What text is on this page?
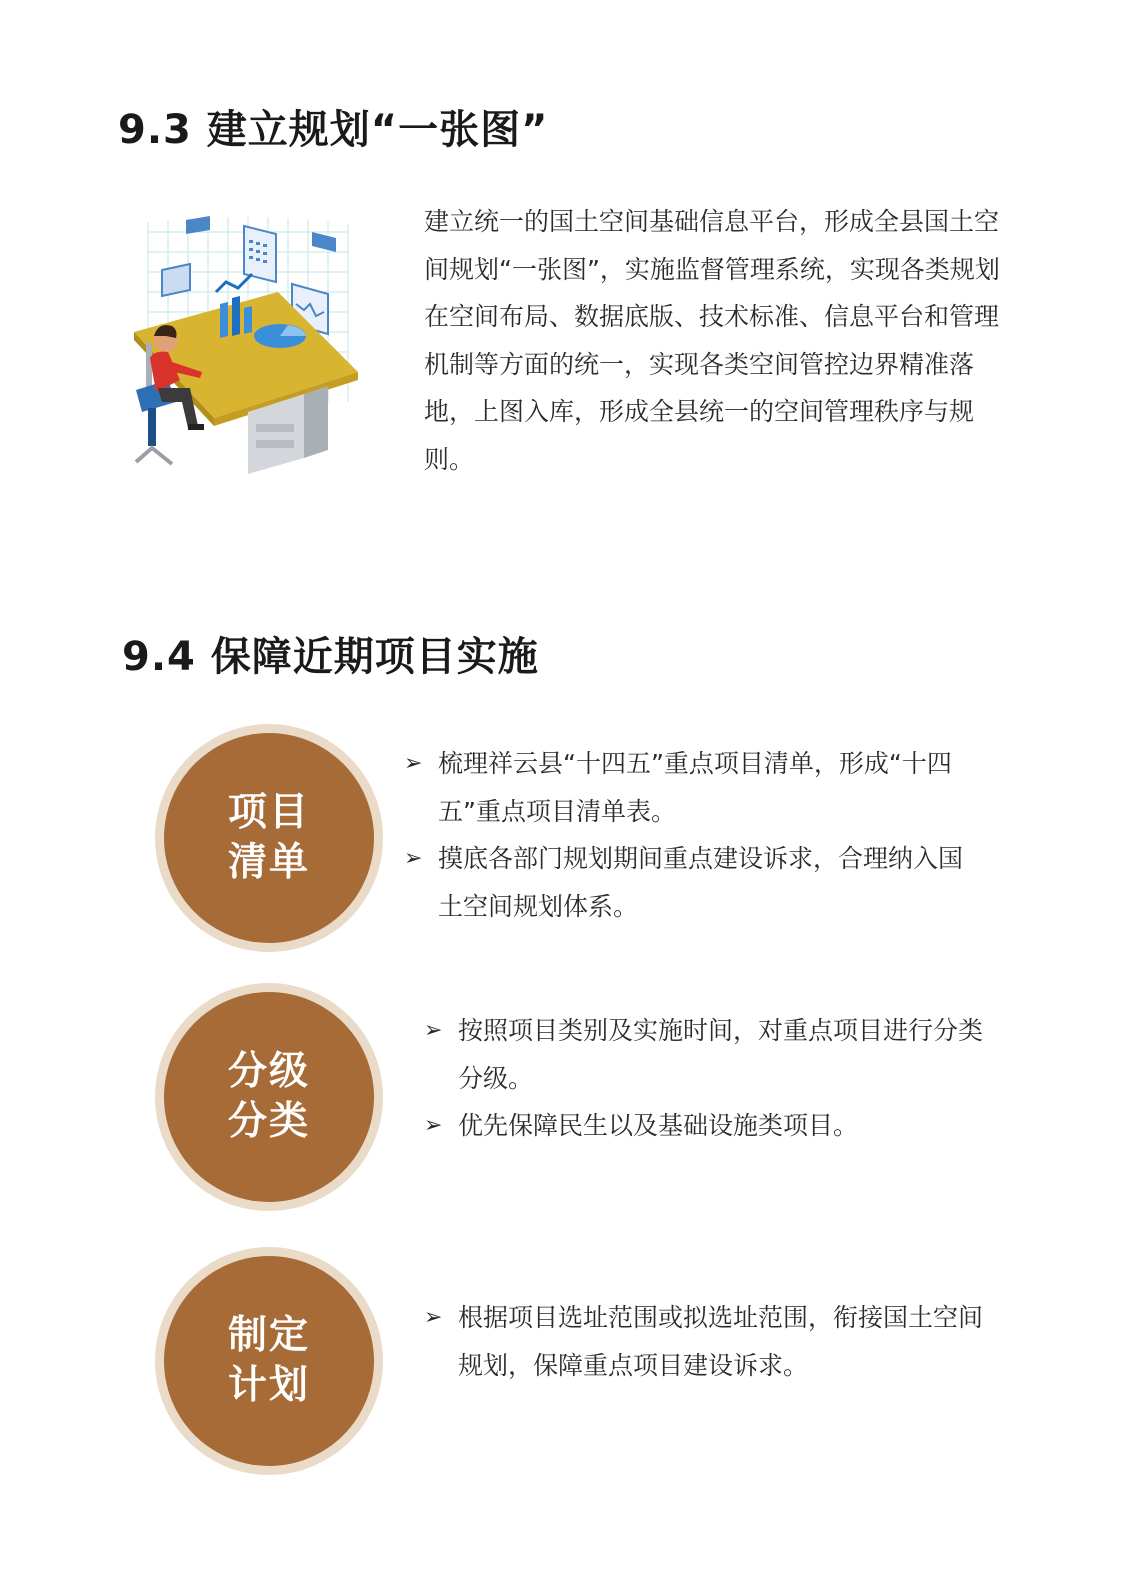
9.3 建立规划“一张图”
建立统一的国土空间基础信息平台，形成全县国土空间规划“一张图”，实施监督管理系统，实现各类规划在空间布局、数据底版、技术标准、信息平台和管理机制等方面的统一，实现各类空间管控边界精准落地，上图入库，形成全县统一的空间管理秩序与规则。
9.4 保障近期项目实施
项目
清单
➢ 梳理祥云县“十四五”重点项目清单，形成“十四五”重点项目清单表。
➢ 摸底各部门规划期间重点建设诉求，合理纳入国土空间规划体系。
分级
分类
➢ 按照项目类别及实施时间，对重点项目进行分类分级。
➢ 优先保障民生以及基础设施类项目。
制定
计划
➢ 根据项目选址范围或拟选址范围，衔接国土空间规划，保障重点项目建设诉求。
